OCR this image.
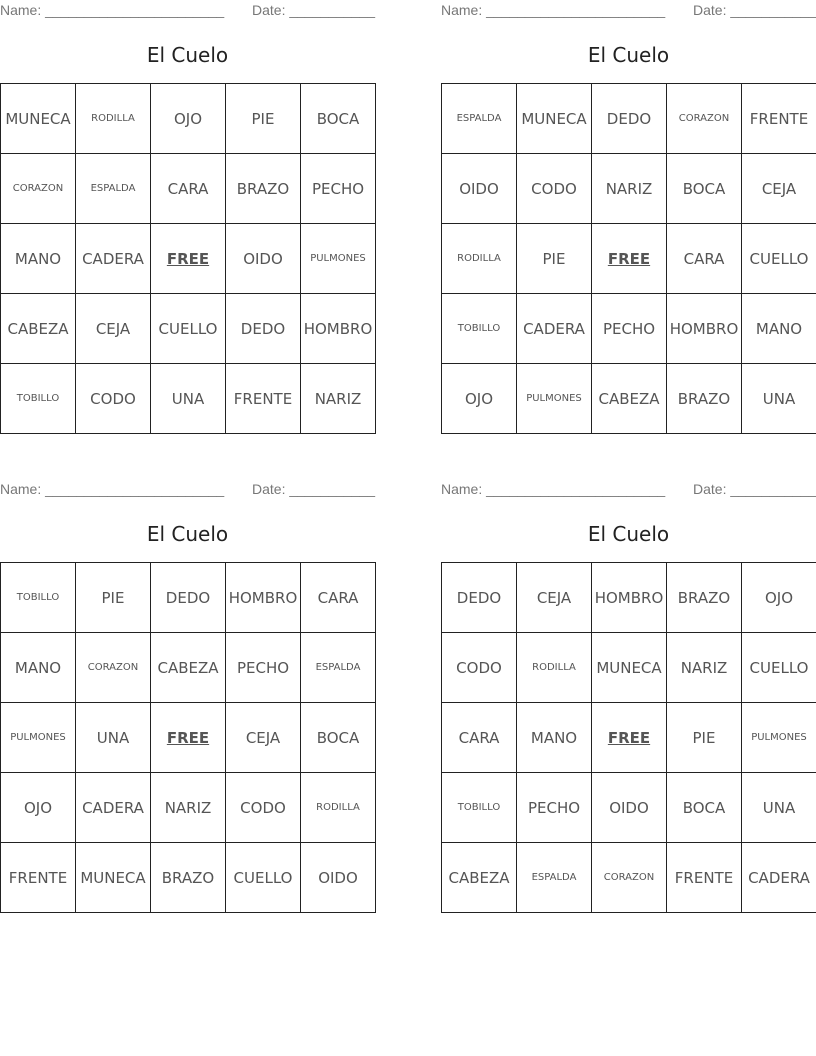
Name: _______________________ Date: ___________
El Cuelo
MUNECA	RODILLA	OJO	PIE	BOCA
CORAZON	ESPALDA	CARA	BRAZO	PECHO
MANO	CADERA	FREE	OIDO	PULMONES
CABEZA	CEJA	CUELLO	DEDO	HOMBRO
TOBILLO	CODO	UNA	FRENTE	NARIZ
Name: _______________________ Date: ___________
El Cuelo
ESPALDA	MUNECA	DEDO	CORAZON	FRENTE
OIDO	CODO	NARIZ	BOCA	CEJA
RODILLA	PIE	FREE	CARA	CUELLO
TOBILLO	CADERA	PECHO	HOMBRO	MANO
OJO	PULMONES	CABEZA	BRAZO	UNA
Name: _______________________ Date: ___________
El Cuelo
TOBILLO	PIE	DEDO	HOMBRO	CARA
MANO	CORAZON	CABEZA	PECHO	ESPALDA
PULMONES	UNA	FREE	CEJA	BOCA
OJO	CADERA	NARIZ	CODO	RODILLA
FRENTE	MUNECA	BRAZO	CUELLO	OIDO
Name: _______________________ Date: ___________
El Cuelo
DEDO	CEJA	HOMBRO	BRAZO	OJO
CODO	RODILLA	MUNECA	NARIZ	CUELLO
CARA	MANO	FREE	PIE	PULMONES
TOBILLO	PECHO	OIDO	BOCA	UNA
CABEZA	ESPALDA	CORAZON	FRENTE	CADERA
